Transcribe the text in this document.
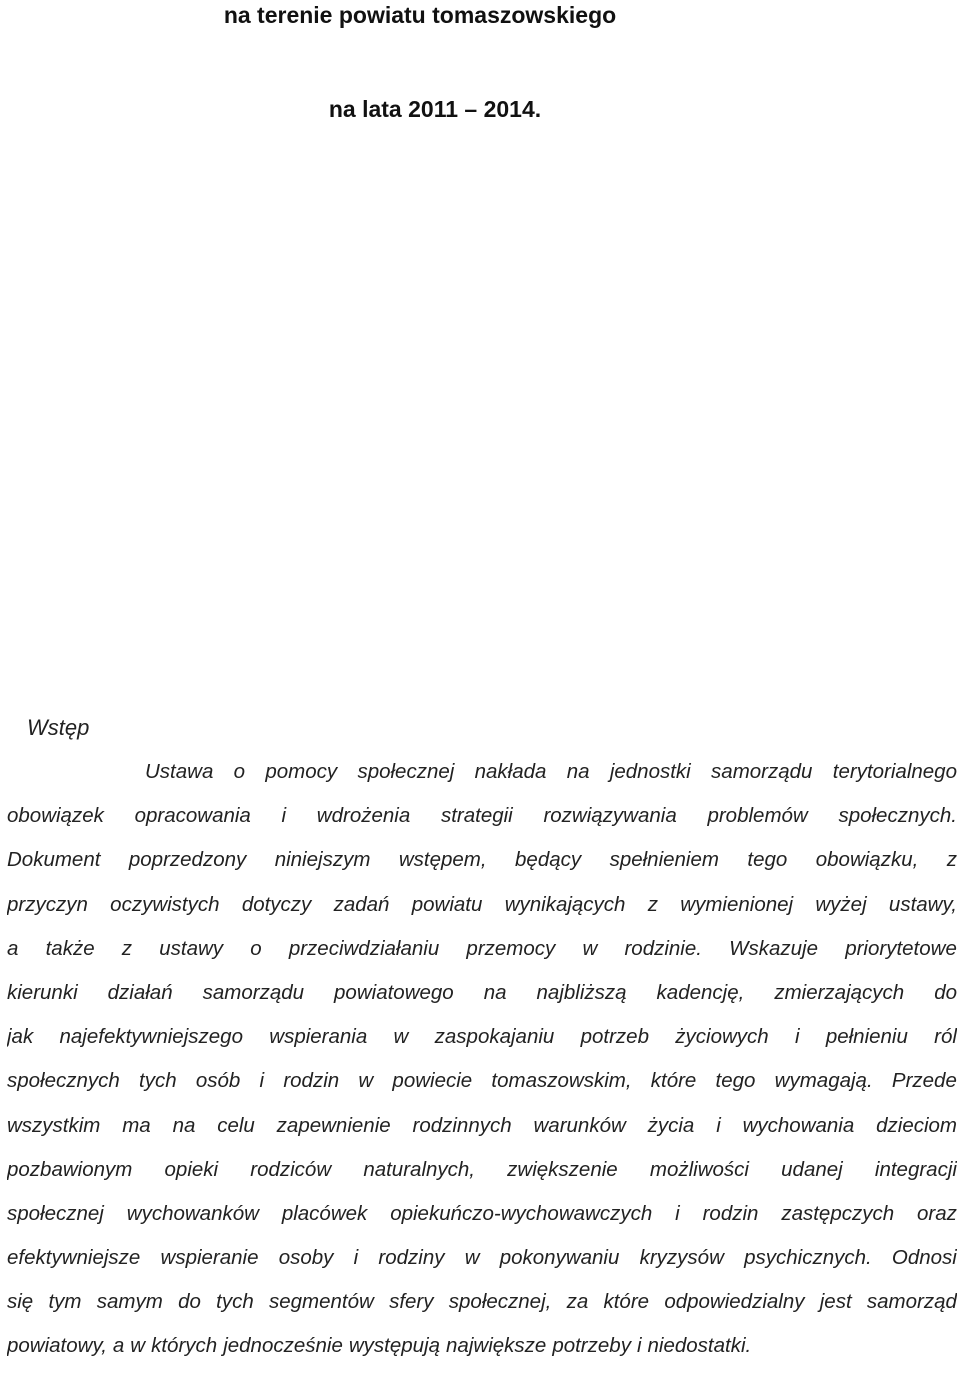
na terenie powiatu tomaszowskiego
na lata 2011 – 2014.
Wstęp
Ustawa o pomocy społecznej nakłada na jednostki samorządu terytorialnego
obowiązek opracowania i wdrożenia strategii rozwiązywania problemów społecznych.
Dokument poprzedzony niniejszym wstępem, będący spełnieniem tego obowiązku, z
przyczyn oczywistych dotyczy zadań powiatu wynikających z wymienionej wyżej ustawy,
a także z ustawy o przeciwdziałaniu przemocy w rodzinie. Wskazuje priorytetowe
kierunki działań samorządu powiatowego na najbliższą kadencję, zmierzających do
jak najefektywniejszego wspierania w zaspokajaniu potrzeb życiowych i pełnieniu ról
społecznych tych osób i rodzin w powiecie tomaszowskim, które tego wymagają. Przede
wszystkim ma na celu zapewnienie rodzinnych warunków życia i wychowania dzieciom
pozbawionym opieki rodziców naturalnych, zwiększenie możliwości udanej integracji
społecznej wychowanków placówek opiekuńczo-wychowawczych i rodzin zastępczych oraz
efektywniejsze wspieranie osoby i rodziny w pokonywaniu kryzysów psychicznych. Odnosi
się tym samym do tych segmentów sfery społecznej, za które odpowiedzialny jest samorząd
powiatowy, a w których jednocześnie występują największe potrzeby i niedostatki.
